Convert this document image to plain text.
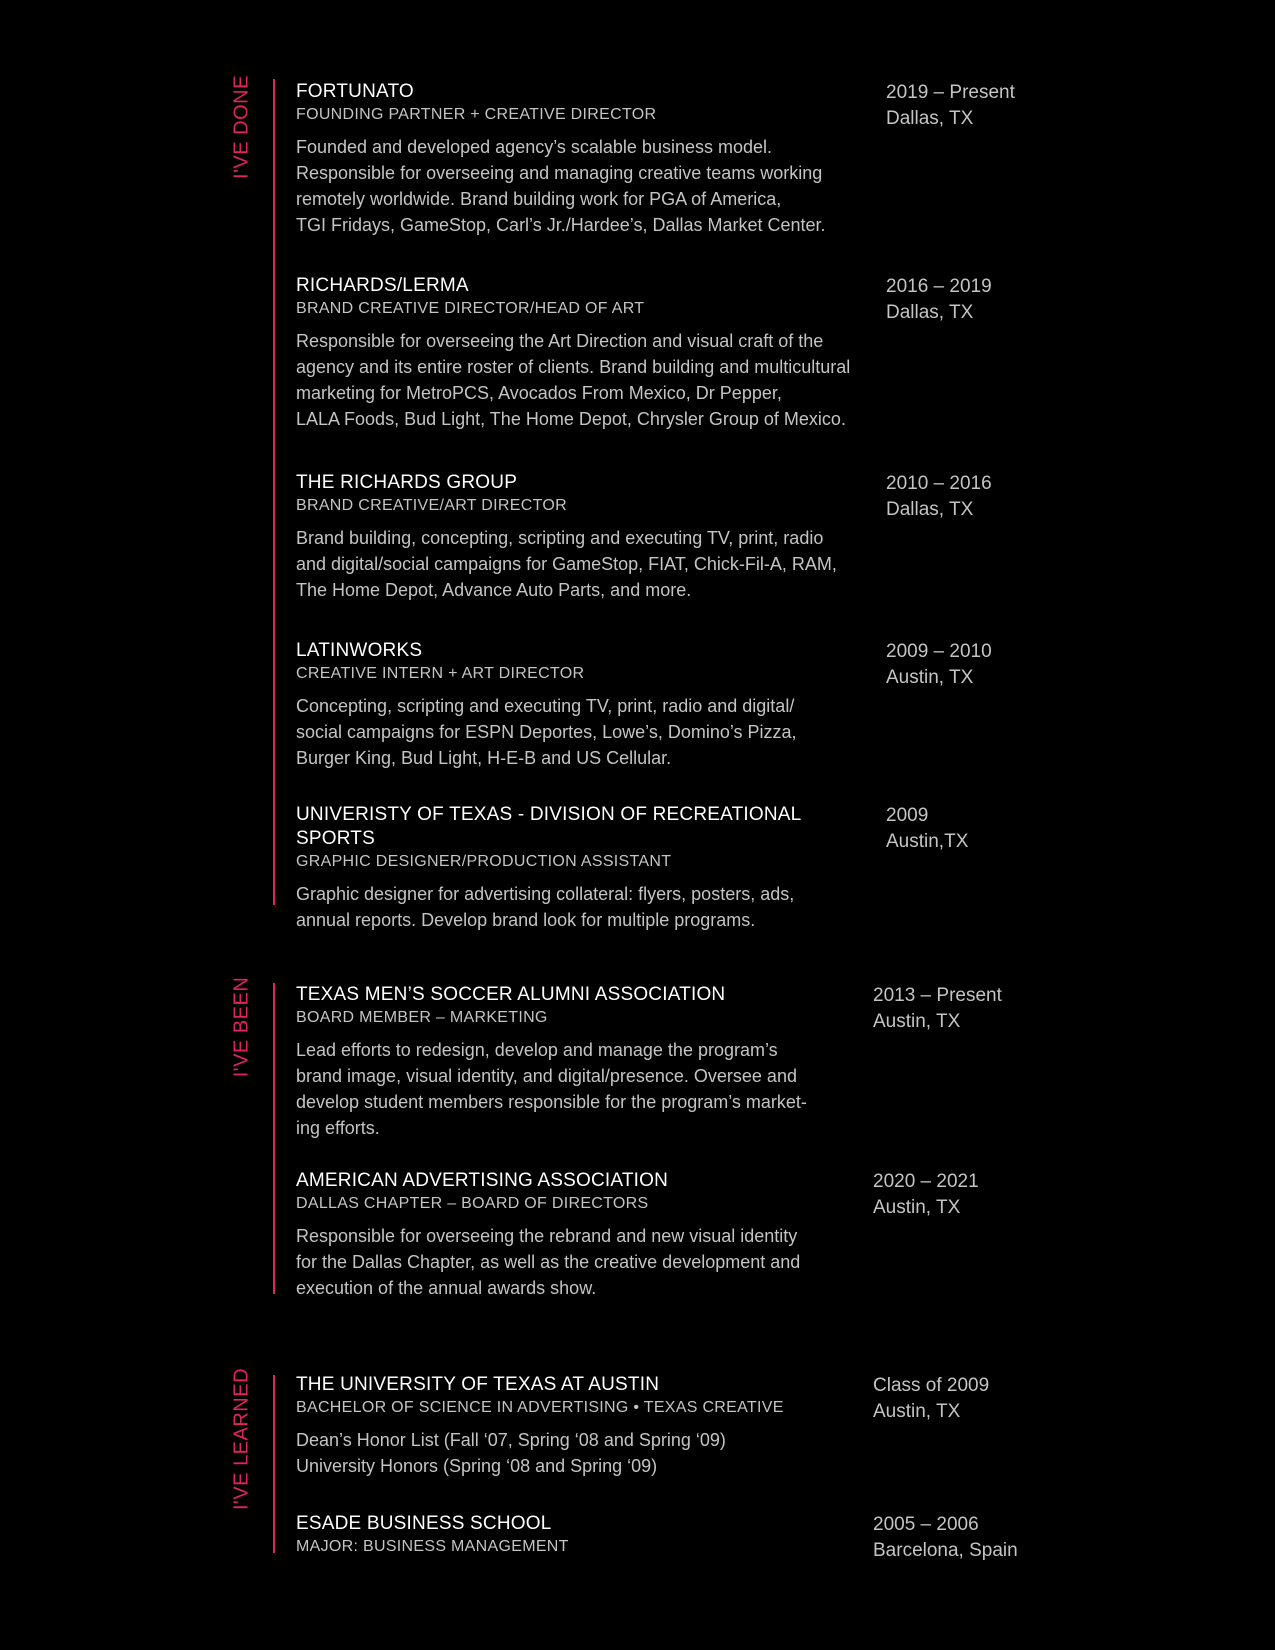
I'VE DONE FORTUNATO
FOUNDING PARTNER + CREATIVE DIRECTOR
Founded and developed agency’s scalable business model.
Responsible for overseeing and managing creative teams working
remotely worldwide. Brand building work for PGA of America,
TGI Fridays, GameStop, Carl’s Jr./Hardee’s, Dallas Market Center.
2019 – Present
Dallas, TX
RICHARDS/LERMA
BRAND CREATIVE DIRECTOR/HEAD OF ART
Responsible for overseeing the Art Direction and visual craft of the
agency and its entire roster of clients. Brand building and multicultural
marketing for MetroPCS, Avocados From Mexico, Dr Pepper,
LALA Foods, Bud Light, The Home Depot, Chrysler Group of Mexico.
2016 – 2019
Dallas, TX
THE RICHARDS GROUP
BRAND CREATIVE/ART DIRECTOR
Brand building, concepting, scripting and executing TV, print, radio
and digital/social campaigns for GameStop, FIAT, Chick-Fil-A, RAM,
The Home Depot, Advance Auto Parts, and more.
2010 – 2016
Dallas, TX
LATINWORKS
CREATIVE INTERN + ART DIRECTOR
Concepting, scripting and executing TV, print, radio and digital/
social campaigns for ESPN Deportes, Lowe’s, Domino’s Pizza,
Burger King, Bud Light, H-E-B and US Cellular.
2009 – 2010
Austin, TX
UNIVERISTY OF TEXAS - DIVISION OF RECREATIONAL SPORTS
GRAPHIC DESIGNER/PRODUCTION ASSISTANT
Graphic designer for advertising collateral: flyers, posters, ads,
annual reports. Develop brand look for multiple programs.
2009
Austin,TX
I'VE BEEN TEXAS MEN’S SOCCER ALUMNI ASSOCIATION
BOARD MEMBER – MARKETING
Lead efforts to redesign, develop and manage the program’s
brand image, visual identity, and digital/presence. Oversee and
develop student members responsible for the program’s market-
ing efforts.
2013 – Present
Austin, TX
AMERICAN ADVERTISING ASSOCIATION
DALLAS CHAPTER – BOARD OF DIRECTORS
Responsible for overseeing the rebrand and new visual identity
for the Dallas Chapter, as well as the creative development and
execution of the annual awards show.
2020 – 2021
Austin, TX
I'VE LEARNED THE UNIVERSITY OF TEXAS AT AUSTIN
BACHELOR OF SCIENCE IN ADVERTISING • TEXAS CREATIVE
Dean’s Honor List (Fall ‘07, Spring ‘08 and Spring ‘09)
University Honors (Spring ‘08 and Spring ‘09)
Class of 2009
Austin, TX
ESADE BUSINESS SCHOOL
MAJOR: BUSINESS MANAGEMENT
2005 – 2006
Barcelona, Spain
